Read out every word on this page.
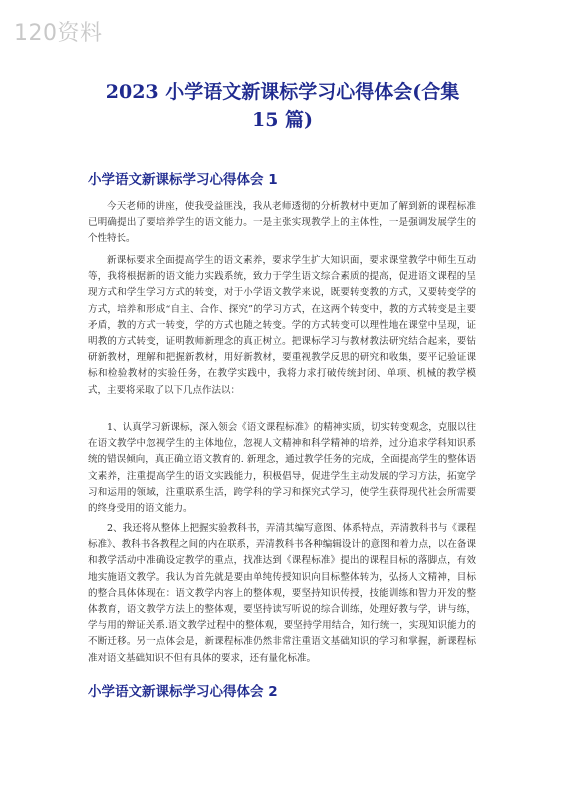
120资料
2023 小学语文新课标学习心得体会(合集
15 篇)
小学语文新课标学习心得体会 1

今天老师的讲座，使我受益匪浅，我从老师透彻的分析教材中更加了解到新的课程标准已明确提出了要培养学生的语文能力。一是主张实现教学上的主体性，一是强调发展学生的个性特长。

新课标要求全面提高学生的语文素养，要求学生扩大知识面，要求课堂教学中师生互动等，我将根据新的语文能力实践系统，致力于学生语文综合素质的提高，促进语文课程的呈现方式和学生学习方式的转变，对于小学语文教学来说，既要转变教的方式，又要转变学的方式，培养和形成“自主、合作、探究”的学习方式，在这两个转变中，教的方式转变是主要矛盾，教的方式一转变，学的方式也随之转变。学的方式转变可以理性地在课堂中呈现，证明教的方式转变，证明教师新理念的真正树立。把课标学习与教材教法研究结合起来，要钻研新教材，理解和把握新教材，用好新教材，要重视教学反思的研究和收集，要平记验证课标和检验教材的实验任务，在教学实践中，我将力求打破传统封闭、单项、机械的教学模式，主要将采取了以下几点作法以：

1、认真学习新课标，深入领会《语文课程标准》的精神实质，切实转变观念，克服以往在语文教学中忽视学生的主体地位，忽视人文精神和科学精神的培养，过分追求学科知识系统的错误倾向，真正确立语文教育的. 新理念，通过教学任务的完成，全面提高学生的整体语文素养，注重提高学生的语文实践能力，积极倡导，促进学生主动发展的学习方法，拓宽学习和运用的领域，注重联系生活，跨学科的学习和探究式学习，使学生获得现代社会所需要的终身受用的语文能力。

2、我还将从整体上把握实验教科书，弄清其编写意图、体系特点，弄清教科书与《课程标准》、教科书各教程之间的内在联系，弄清教科书各种编辑设计的意图和着力点，以在备课和教学活动中准确设定教学的重点，找准达到《课程标准》提出的课程目标的落脚点，有效地实施语文教学。我认为首先就是要由单纯传授知识向目标整体转为，弘扬人文精神，目标的整合具体体现在：语文教学内容上的整体观，要坚持知识传授，技能训练和智力开发的整体教育，语文教学方法上的整体观，要坚持读写听说的综合训练，处理好教与学，讲与练，学与用的辩证关系.语文教学过程中的整体观，要坚持学用结合，知行统一，实现知识能力的不断迁移。另一点体会是，新课程标准仍然非常注重语文基础知识的学习和掌握，新课程标准对语文基础知识不但有具体的要求，还有量化标准。

小学语文新课标学习心得体会 2
